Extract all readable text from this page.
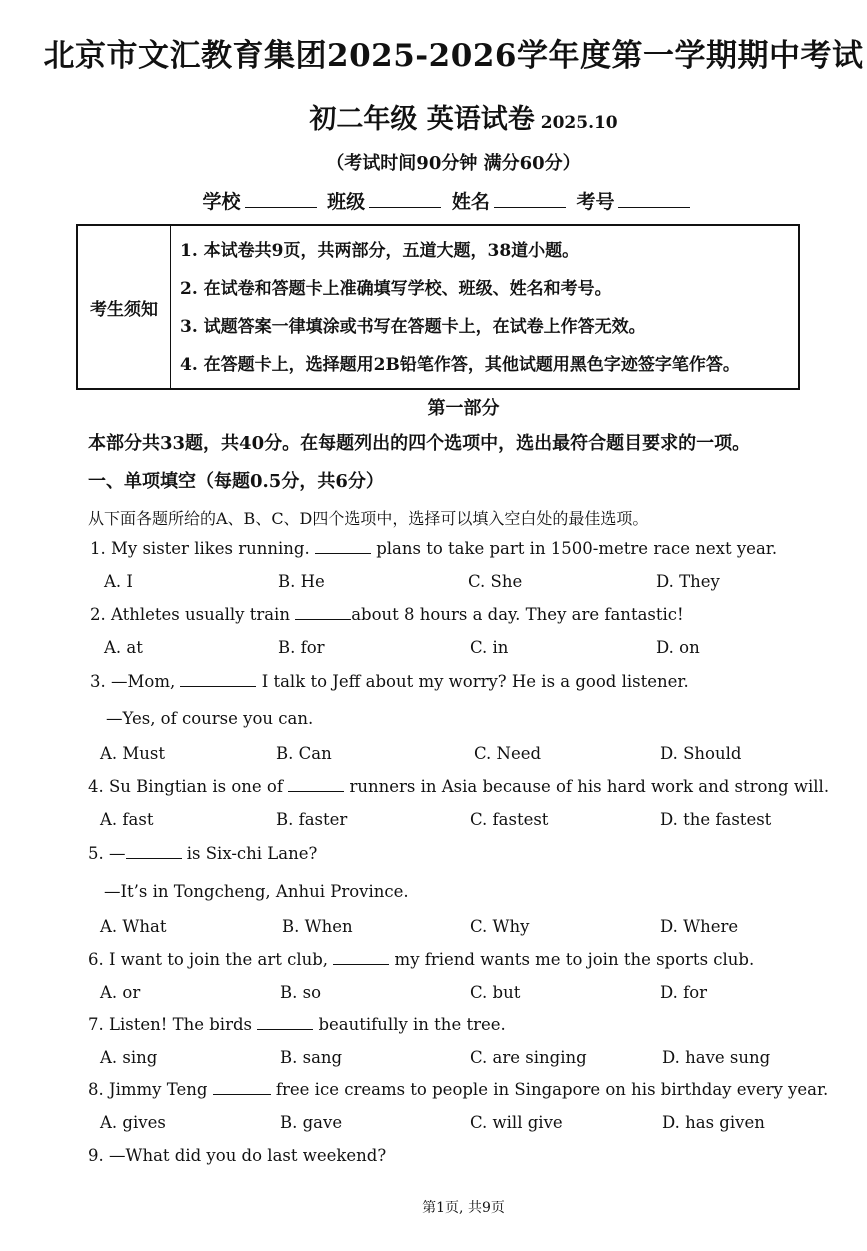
北京市文汇教育集团2025-2026学年度第一学期期中考试
初二年级 英语试卷 2025.10
（考试时间90分钟 满分60分）
学校	班级	姓名	考号
考生须知
1. 本试卷共9页，共两部分，五道大题，38道小题。
2. 在试卷和答题卡上准确填写学校、班级、姓名和考号。
3. 试题答案一律填涂或书写在答题卡上，在试卷上作答无效。
4. 在答题卡上，选择题用2B铅笔作答，其他试题用黑色字迹签字笔作答。
第一部分
本部分共33题，共40分。在每题列出的四个选项中，选出最符合题目要求的一项。
一、单项填空（每题0.5分，共6分）
从下面各题所给的A、B、C、D四个选项中，选择可以填入空白处的最佳选项。
1. My sister likes running.	plans to take part in 1500-metre race next year.
A. I	B. He	C. She	D. They
2. Athletes usually train	about 8 hours a day. They are fantastic!
A. at	B. for	C. in	D. on
3. —Mom,	I talk to Jeff about my worry? He is a good listener.
—Yes, of course you can.
A. Must	B. Can	C. Need	D. Should
4. Su Bingtian is one of	runners in Asia because of his hard work and strong will.
A. fast	B. faster	C. fastest	D. the fastest
5. —	is Six-chi Lane?
—It’s in Tongcheng, Anhui Province.
A. What	B. When	C. Why	D. Where
6. I want to join the art club,	my friend wants me to join the sports club.
A. or	B. so	C. but	D. for
7. Listen! The birds	beautifully in the tree.
A. sing	B. sang	C. are singing	D. have sung
8. Jimmy Teng	free ice creams to people in Singapore on his birthday every year.
A. gives	B. gave	C. will give	D. has given
9. —What did you do last weekend?
第1页, 共9页
